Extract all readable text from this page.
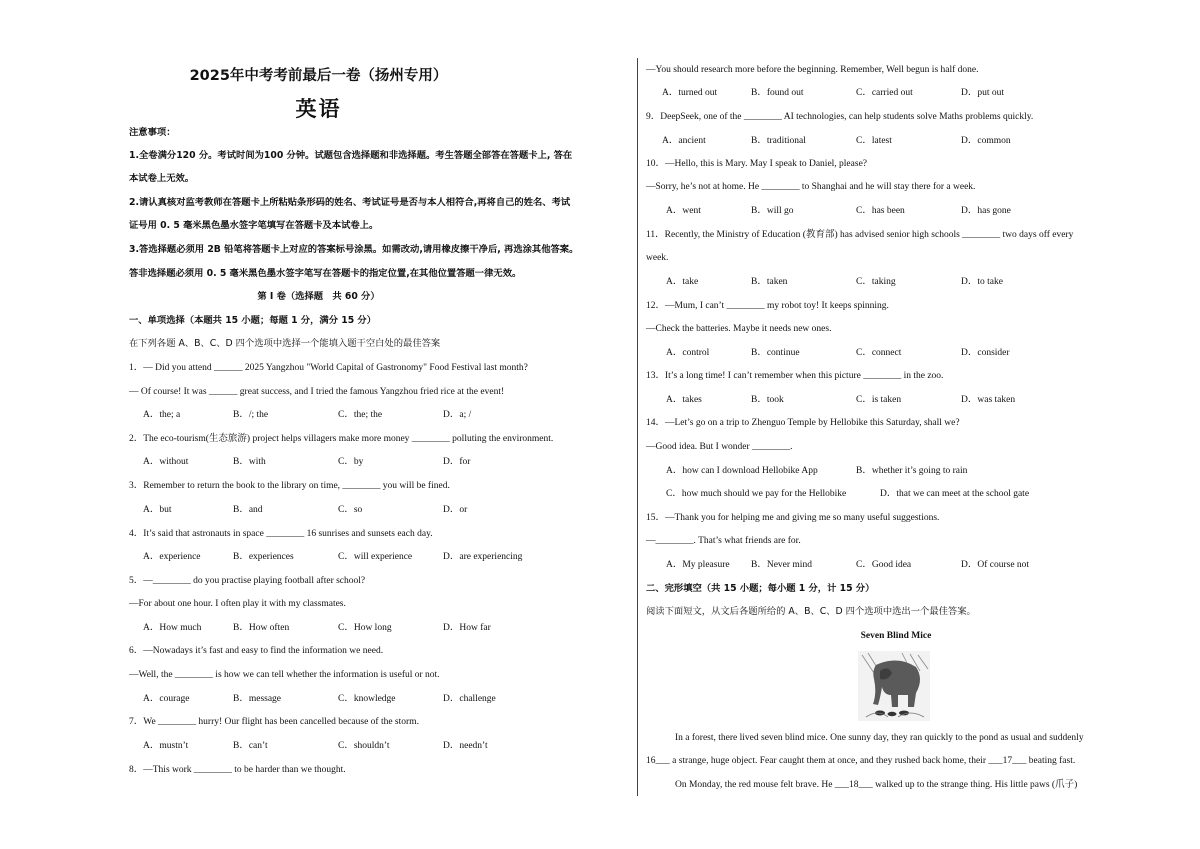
2025年中考考前最后一卷（扬州专用）
英语
注意事项：
1.全卷满分120 分。考试时间为100 分钟。试题包含选择题和非选择题。考生答题全部答在答题卡上, 答在
本试卷上无效。
2.请认真核对监考教师在答题卡上所粘贴条形码的姓名、考试证号是否与本人相符合,再将自己的姓名、考试
证号用 0. 5 毫米黑色墨水签字笔填写在答题卡及本试卷上。
3.答选择题必须用 2B 铅笔将答题卡上对应的答案标号涂黑。如需改动,请用橡皮擦干净后, 再选涂其他答案。
答非选择题必须用 0. 5 毫米黑色墨水签字笔写在答题卡的指定位置,在其他位置答题一律无效。
第 I 卷（选择题　共 60 分）
一、单项选择（本题共 15 小题；每题 1 分，满分 15 分）
在下列各题 A、B、C、D 四个选项中选择一个能填入题干空白处的最佳答案
1．— Did you attend ______ 2025 Yangzhou "World Capital of Gastronomy" Food Festival last month?
— Of course! It was ______ great success, and I tried the famous Yangzhou fried rice at the event!
A．the; a	B．/; the	C．the; the	D．a; /
2．The eco-tourism(生态旅游) project helps villagers make more money ________ polluting the environment.
A．without	B．with	C．by	D．for
3．Remember to return the book to the library on time, ________ you will be fined.
A．but	B．and	C．so	D．or
4．It’s said that astronauts in space ________ 16 sunrises and sunsets each day.
A．experience	B．experiences	C．will experience	D．are experiencing
5．—________ do you practise playing football after school?
—For about one hour. I often play it with my classmates.
A．How much	B．How often	C．How long	D．How far
6．—Nowadays it’s fast and easy to find the information we need.
—Well, the ________ is how we can tell whether the information is useful or not.
A．courage	B．message	C．knowledge	D．challenge
7．We ________ hurry! Our flight has been cancelled because of the storm.
A．mustn’t	B．can’t	C．shouldn’t	D．needn’t
8．—This work ________ to be harder than we thought.
—You should research more before the beginning. Remember, Well begun is half done.
A．turned out	B．found out	C．carried out	D．put out
9．DeepSeek, one of the ________ AI technologies, can help students solve Maths problems quickly.
A．ancient	B．traditional	C．latest	D．common
10．—Hello, this is Mary. May I speak to Daniel, please?
—Sorry, he’s not at home. He ________ to Shanghai and he will stay there for a week.
A．went	B．will go	C．has been	D．has gone
11．Recently, the Ministry of Education (教育部) has advised senior high schools ________ two days off every
week.
A．take	B．taken	C．taking	D．to take
12．—Mum, I can’t ________ my robot toy! It keeps spinning.
—Check the batteries. Maybe it needs new ones.
A．control	B．continue	C．connect	D．consider
13．It’s a long time! I can’t remember when this picture ________ in the zoo.
A．takes	B．took	C．is taken	D．was taken
14．—Let’s go on a trip to Zhenguo Temple by Hellobike this Saturday, shall we?
—Good idea. But I wonder ________.
A．how can I download Hellobike App	B．whether it’s going to rain
C．how much should we pay for the Hellobike	D．that we can meet at the school gate
15．—Thank you for helping me and giving me so many useful suggestions.
—________. That’s what friends are for.
A．My pleasure B．Never mind	C．Good idea	D．Of course not
二、完形填空（共 15 小题；每小题 1 分，计 15 分）
阅读下面短文，从文后各题所给的 A、B、C、D 四个选项中选出一个最佳答案。
Seven Blind Mice
In a forest, there lived seven blind mice. One sunny day, they ran quickly to the pond as usual and suddenly
16___ a strange, huge object. Fear caught them at once, and they rushed back home, their ___17___ beating fast.
On Monday, the red mouse felt brave. He ___18___ walked up to the strange thing. His little paws (爪子)
